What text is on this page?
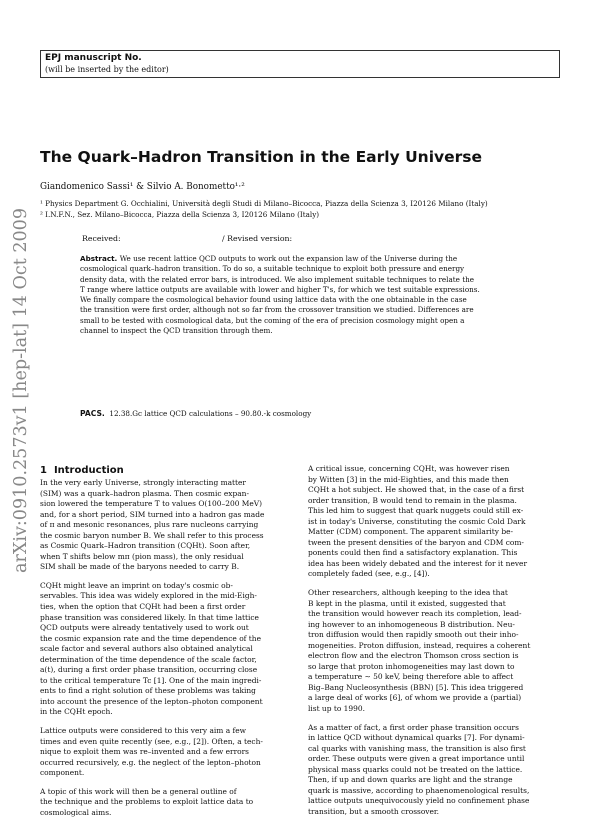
EPJ manuscript No.
(will be inserted by the editor)
arXiv:0910.2573v1 [hep-lat] 14 Oct 2009
The Quark–Hadron Transition in the Early Universe
Giandomenico Sassi¹ & Silvio A. Bonometto¹·²
¹ Physics Department G. Occhialini, Università degli Studi di Milano–Bicocca, Piazza della Scienza 3, I20126 Milano (Italy)
² I.N.F.N., Sez. Milano–Bicocca, Piazza della Scienza 3, I20126 Milano (Italy)
Received:	/ Revised version:
Abstract. We use recent lattice QCD outputs to work out the expansion law of the Universe during the
cosmological quark–hadron transition. To do so, a suitable technique to exploit both pressure and energy
density data, with the related error bars, is introduced. We also implement suitable techniques to relate the
T range where lattice outputs are available with lower and higher T's, for which we test suitable expressions.
We finally compare the cosmological behavior found using lattice data with the one obtainable in the case
the transition were first order, although not so far from the crossover transition we studied. Differences are
small to be tested with cosmological data, but the coming of the era of precision cosmology might open a
channel to inspect the QCD transition through them.
PACS. 12.38.Gc lattice QCD calculations – 90.80.-k cosmology
1 Introduction
In the very early Universe, strongly interacting matter
(SIM) was a quark–hadron plasma. Then cosmic expan-
sion lowered the temperature T to values O(100–200 MeV)
and, for a short period, SIM turned into a hadron gas made
of π and mesonic resonances, plus rare nucleons carrying
the cosmic baryon number B. We shall refer to this process
as Cosmic Quark–Hadron transition (CQHt). Soon after,
when T shifts below mπ (pion mass), the only residual
SIM shall be made of the baryons needed to carry B.
CQHt might leave an imprint on today's cosmic ob-
servables. This idea was widely explored in the mid-Eigh-
ties, when the option that CQHt had been a first order
phase transition was considered likely. In that time lattice
QCD outputs were already tentatively used to work out
the cosmic expansion rate and the time dependence of the
scale factor and several authors also obtained analytical
determination of the time dependence of the scale factor,
a(t), during a first order phase transition, occurring close
to the critical temperature Tc [1]. One of the main ingredi-
ents to find a right solution of these problems was taking
into account the presence of the lepton–photon component
in the CQHt epoch.
Lattice outputs were considered to this very aim a few
times and even quite recently (see, e.g., [2]). Often, a tech-
nique to exploit them was re–invented and a few errors
occurred recursively, e.g. the neglect of the lepton–photon
component.
A topic of this work will then be a general outline of
the technique and the problems to exploit lattice data to
cosmological aims.
A critical issue, concerning CQHt, was however risen
by Witten [3] in the mid-Eighties, and this made then
CQHt a hot subject. He showed that, in the case of a first
order transition, B would tend to remain in the plasma.
This led him to suggest that quark nuggets could still ex-
ist in today's Universe, constituting the cosmic Cold Dark
Matter (CDM) component. The apparent similarity be-
tween the present densities of the baryon and CDM com-
ponents could then find a satisfactory explanation. This
idea has been widely debated and the interest for it never
completely faded (see, e.g., [4]).
Other researchers, although keeping to the idea that
B kept in the plasma, until it existed, suggested that
the transition would however reach its completion, lead-
ing however to an inhomogeneous B distribution. Neu-
tron diffusion would then rapidly smooth out their inho-
mogeneities. Proton diffusion, instead, requires a coherent
electron flow and the electron Thomson cross section is
so large that proton inhomogeneities may last down to
a temperature ∼ 50 keV, being therefore able to affect
Big–Bang Nucleosynthesis (BBN) [5]. This idea triggered
a large deal of works [6], of whom we provide a (partial)
list up to 1990.
As a matter of fact, a first order phase transition occurs
in lattice QCD without dynamical quarks [7]. For dynami-
cal quarks with vanishing mass, the transition is also first
order. These outputs were given a great importance until
physical mass quarks could not be treated on the lattice.
Then, if up and down quarks are light and the strange
quark is massive, according to phaenomenological results,
lattice outputs unequivocously yield no confinement phase
transition, but a smooth crossover.
